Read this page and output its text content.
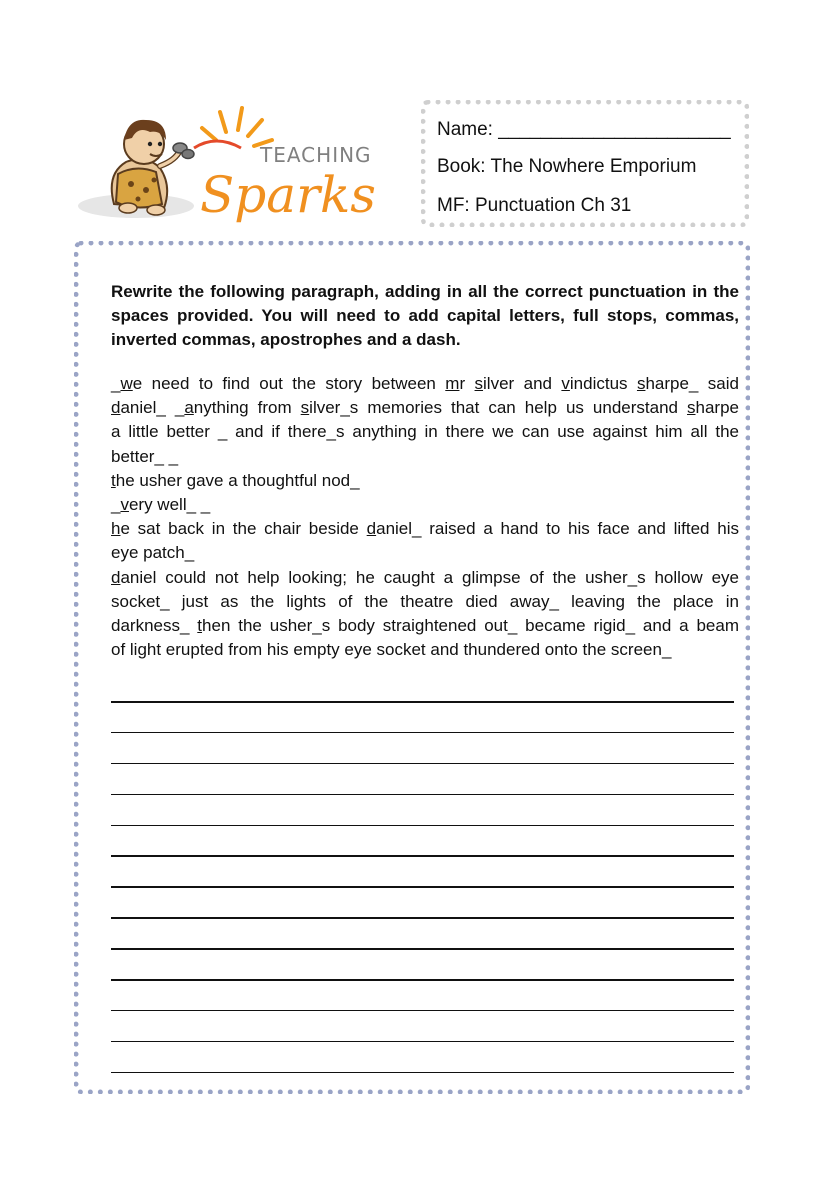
TEACHING
Sparks
Name: ______________________
Book: The Nowhere Emporium
MF: Punctuation Ch 31

Rewrite the following paragraph, adding in all the correct punctuation in the spaces provided. You will need to add capital letters, full stops, commas, inverted commas, apostrophes and a dash.

_we need to find out the story between mr silver and vindictus sharpe_ said
daniel_ _anything from silver_s memories that can help us understand sharpe
a little better _ and if there_s anything in there we can use against him all the
better_ _
the usher gave a thoughtful nod_
_very well_ _
he sat back in the chair beside daniel_ raised a hand to his face and lifted his
eye patch_
daniel could not help looking; he caught a glimpse of the usher_s hollow eye
socket_ just as the lights of the theatre died away_ leaving the place in
darkness_ then the usher_s body straightened out_ became rigid_ and a beam
of light erupted from his empty eye socket and thundered onto the screen_
